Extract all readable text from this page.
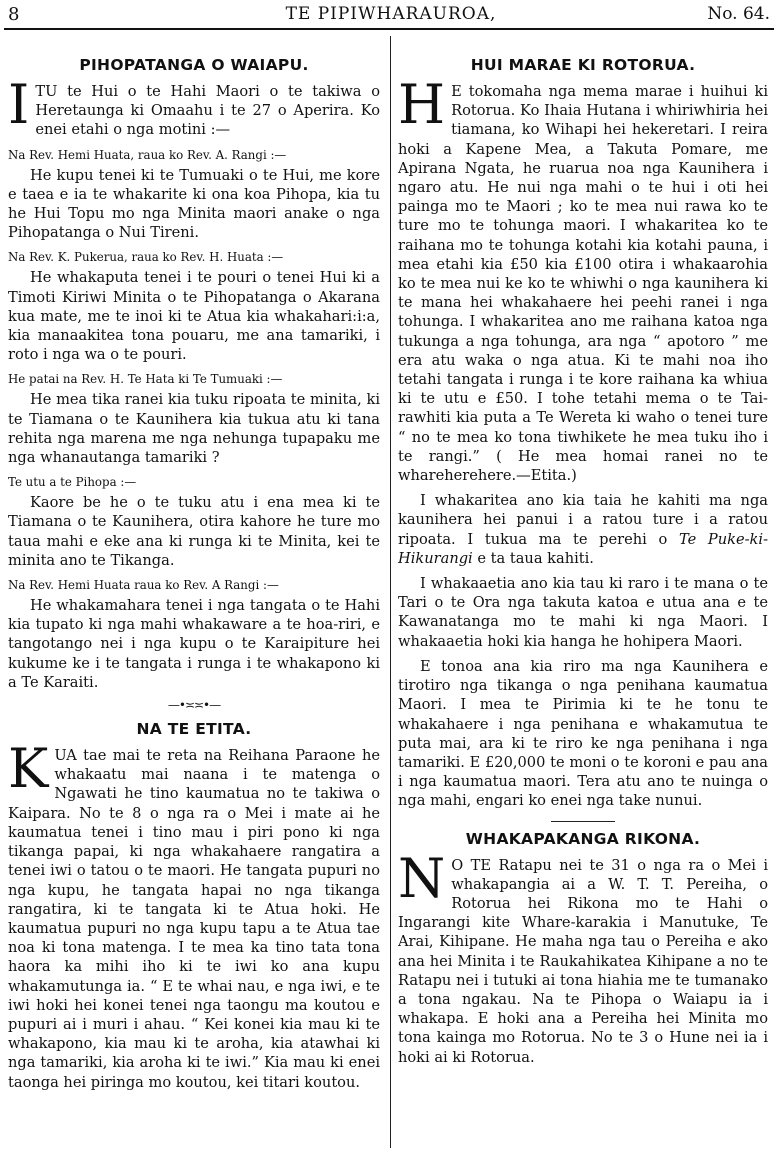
8	TE PIPIWHARAUROA,	No. 64.
PIHOPATANGA O WAIAPU.

ITU te Hui o te Hahi Maori o te takiwa o Heretaunga ki Omaahu i te 27 o Aperira. Ko enei etahi o nga motini :—

Na Rev. Hemi Huata, raua ko Rev. A. Rangi :—

He kupu tenei ki te Tumuaki o te Hui, me kore e taea e ia te whakarite ki ona koa Pihopa, kia tu he Hui Topu mo nga Minita maori anake o nga Pihopatanga o Nui Tireni.

Na Rev. K. Pukerua, raua ko Rev. H. Huata :—

He whakaputa tenei i te pouri o tenei Hui ki a Timoti Kiriwi Minita o te Pihopatanga o Akarana kua mate, me te inoi ki te Atua kia whakahari:i:a, kia manaakitea tona pouaru, me ana tamariki, i roto i nga wa o te pouri.

He patai na Rev. H. Te Hata ki Te Tumuaki :—

He mea tika ranei kia tuku ripoata te minita, ki te Tiamana o te Kaunihera kia tukua atu ki tana rehita nga marena me nga nehunga tupapaku me nga whanautanga tamariki ?

Te utu a te Pihopa :—

Kaore be he o te tuku atu i ena mea ki te Tiamana o te Kaunihera, otira kahore he ture mo taua mahi e eke ana ki runga ki te Minita, kei te minita ano te Tikanga.

Na Rev. Hemi Huata raua ko Rev. A Rangi :—

He whakamahara tenei i nga tangata o te Hahi kia tupato ki nga mahi whakaware a te hoa-riri, e tangotango nei i nga kupu o te Karaipiture hei kukume ke i te tangata i runga i te whakapono ki a Te Karaiti.

—•≍≍•—
NA TE ETITA.

KUA tae mai te reta na Reihana Paraone he whakaatu mai naana i te matenga o Ngawati he tino kaumatua no te takiwa o Kaipara. No te 8 o nga ra o Mei i mate ai he kaumatua tenei i tino mau i piri pono ki nga tikanga papai, ki nga whakahaere rangatira a tenei iwi o tatou o te maori. He tangata pupuri no nga kupu, he tangata hapai no nga tikanga rangatira, ki te tangata ki te Atua hoki. He kaumatua pupuri no nga kupu tapu a te Atua tae noa ki tona matenga. I te mea ka tino tata tona haora ka mihi iho ki te iwi ko ana kupu whakamutunga ia. “ E te whai nau, e nga iwi, e te iwi hoki hei konei tenei nga taongu ma koutou e pupuri ai i muri i ahau. “ Kei konei kia mau ki te whakapono, kia mau ki te aroha, kia atawhai ki nga tamariki, kia aroha ki te iwi.” Kia mau ki enei taonga hei piringa mo koutou, kei titari koutou.

HUI MARAE KI ROTORUA.

H E tokomaha nga mema marae i huihui ki Rotorua. Ko Ihaia Hutana i whiriwhiria hei tiamana, ko Wihapi hei hekeretari. I reira hoki a Kapene Mea, a Takuta Pomare, me Apirana Ngata, he ruarua noa nga Kaunihera i ngaro atu. He nui nga mahi o te hui i oti hei painga mo te Maori ; ko te mea nui rawa ko te ture mo te tohunga maori. I whakaritea ko te raihana mo te tohunga kotahi kia kotahi pauna, i mea etahi kia £50 kia £100 otira i whakaarohia ko te mea nui ke ko te whiwhi o nga kaunihera ki te mana hei whakahaere hei peehi ranei i nga tohunga. I whakaritea ano me raihana katoa nga tukunga a nga tohunga, ara nga “ apotoro ” me era atu waka o nga atua. Ki te mahi noa iho tetahi tangata i runga i te kore raihana ka whiua ki te utu e £50. I tohe tetahi mema o te Tai-rawhiti kia puta a Te Wereta ki waho o tenei ture “ no te mea ko tona tiwhikete he mea tuku iho i te rangi.” ( He mea homai ranei no te wharehereherе.—Etita.)

I whakaritea ano kia taia he kahiti ma nga kaunihera hei panui i a ratou ture i a ratou ripoata. I tukua ma te perehi o Te Puke-ki-Hikurangi e ta taua kahiti.

I whakaaetia ano kia tau ki raro i te mana o te Tari o te Ora nga takuta katoa e utua ana e te Kawanatanga mo te mahi ki nga Maori. I whakaaetia hoki kia hanga he hohipera Maori.

E tonoa ana kia riro ma nga Kaunihera e tirotiro nga tikanga o nga penihana kaumatua Maori. I mea te Pirimia ki te he tonu te whakahaere i nga penihana e whakamutua te puta mai, ara ki te riro ke nga penihana i nga tamariki. E £20,000 te moni o te koroni e pau ana i nga kaumatua maori. Tera atu ano te nuinga o nga mahi, engari ko enei nga take nunui.

WHAKAPAKANGA RIKONA.

N O TE Ratapu nei te 31 o nga ra o Mei i whakapangia ai a W. T. T. Pereiha, o Rotorua hei Rikona mo te Hahi o Ingarangi kite Whare-karakia i Manutuke, Te Arai, Kihipane. He maha nga tau o Pereiha e ako ana hei Minita i te Raukahikatea Kihipane a no te Ratapu nei i tutuki ai tona hiahia me te tumanako a tona ngakau. Na te Pihopa o Waiapu ia i whakapa. E hoki ana a Pereiha hei Minita mo tona kainga mo Rotorua. No te 3 o Hune nei ia i hoki ai ki Rotorua.
